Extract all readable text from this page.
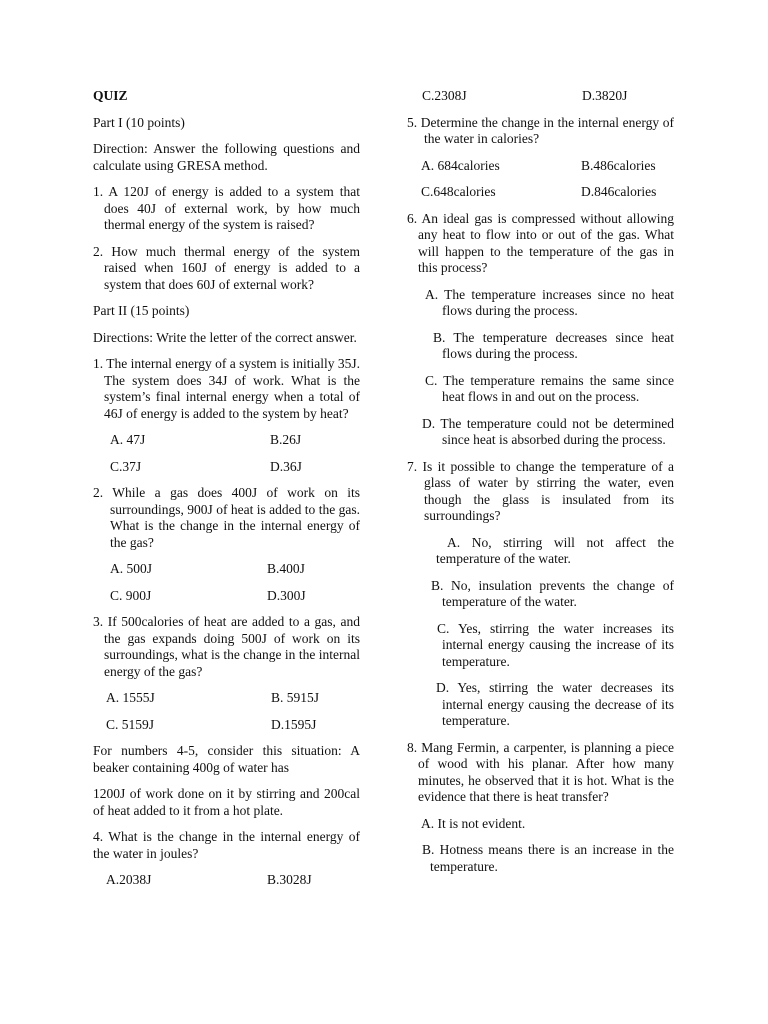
QUIZ

Part I (10 points)

Direction: Answer the following questions and calculate using GRESA method.

1. A 120J of energy is added to a system that does 40J of external work, by how much thermal energy of the system is raised?

2. How much thermal energy of the system raised when 160J of energy is added to a system that does 60J of external work?

Part II (15 points)

Directions: Write the letter of the correct answer.

1. The internal energy of a system is initially 35J. The system does 34J of work. What is the system’s final internal energy when a total of 46J of energy is added to the system by heat?

A. 47J	B.26J
C.37J	D.36J

2. While a gas does 400J of work on its surroundings, 900J of heat is added to the gas. What is the change in the internal energy of the gas?

A. 500J	B.400J
C. 900J	D.300J

3. If 500calories of heat are added to a gas, and the gas expands doing 500J of work on its surroundings, what is the change in the internal energy of the gas?

A. 1555J	B. 5915J
C. 5159J	D.1595J

For numbers 4-5, consider this situation: A beaker containing 400g of water has

1200J of work done on it by stirring and 200cal of heat added to it from a hot plate.

4. What is the change in the internal energy of the water in joules?

A.2038J	B.3028J
C.2308J	D.3820J

5. Determine the change in the internal energy of the water in calories?

A. 684calories	B.486calories
C.648calories	D.846calories

6. An ideal gas is compressed without allowing any heat to flow into or out of the gas. What will happen to the temperature of the gas in this process?

A. The temperature increases since no heat flows during the process.

B. The temperature decreases since heat flows during the process.

C. The temperature remains the same since heat flows in and out on the process.

D. The temperature could not be determined since heat is absorbed during the process.

7. Is it possible to change the temperature of a glass of water by stirring the water, even though the glass is insulated from its surroundings?

A. No, stirring will not affect the temperature of the water.

B. No, insulation prevents the change of temperature of the water.

C. Yes, stirring the water increases its internal energy causing the increase of its temperature.

D. Yes, stirring the water decreases its internal energy causing the decrease of its temperature.

8. Mang Fermin, a carpenter, is planning a piece of wood with his planar. After how many minutes, he observed that it is hot. What is the evidence that there is heat transfer?

A. It is not evident.

B. Hotness means there is an increase in the temperature.
